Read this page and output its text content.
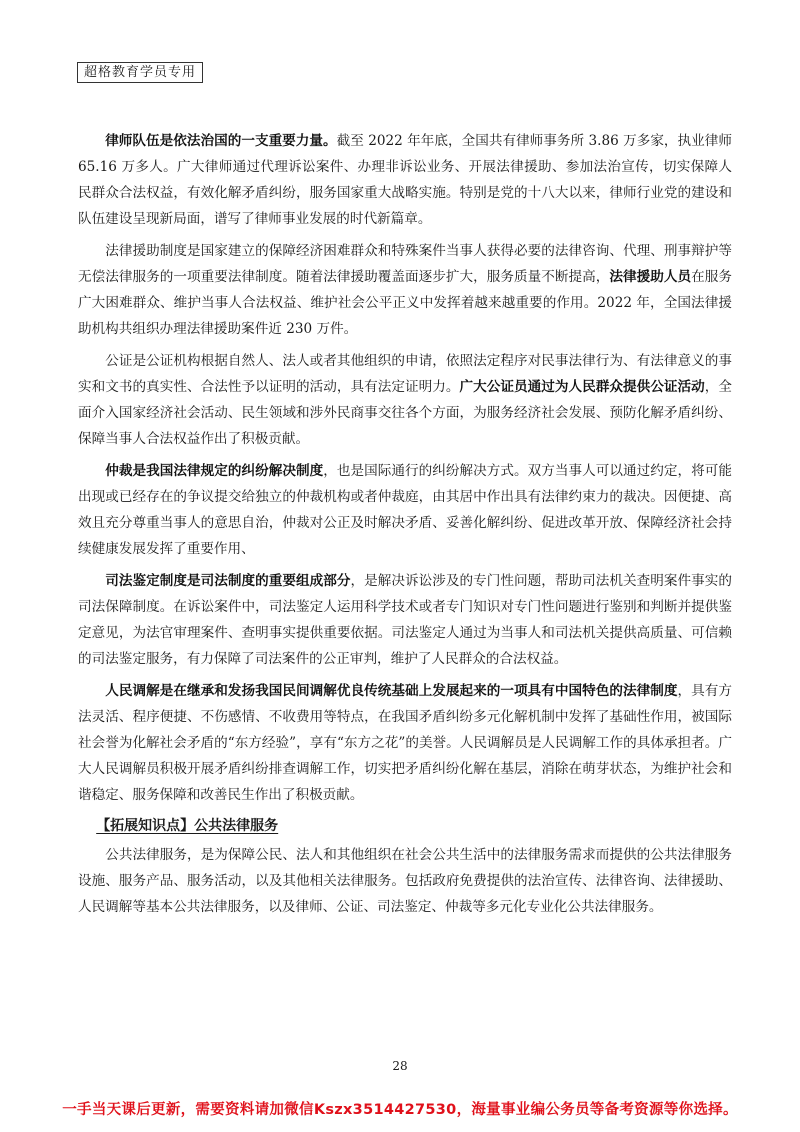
超格教育学员专用

律师队伍是依法治国的一支重要力量。截至 2022 年年底，全国共有律师事务所 3.86 万多家，执业律师 65.16 万多人。广大律师通过代理诉讼案件、办理非诉讼业务、开展法律援助、参加法治宣传，切实保障人民群众合法权益，有效化解矛盾纠纷，服务国家重大战略实施。特别是党的十八大以来，律师行业党的建设和队伍建设呈现新局面，谱写了律师事业发展的时代新篇章。

法律援助制度是国家建立的保障经济困难群众和特殊案件当事人获得必要的法律咨询、代理、刑事辩护等无偿法律服务的一项重要法律制度。随着法律援助覆盖面逐步扩大，服务质量不断提高，法律援助人员在服务广大困难群众、维护当事人合法权益、维护社会公平正义中发挥着越来越重要的作用。2022 年，全国法律援助机构共组织办理法律援助案件近 230 万件。

公证是公证机构根据自然人、法人或者其他组织的申请，依照法定程序对民事法律行为、有法律意义的事实和文书的真实性、合法性予以证明的活动，具有法定证明力。广大公证员通过为人民群众提供公证活动，全面介入国家经济社会活动、民生领域和涉外民商事交往各个方面，为服务经济社会发展、预防化解矛盾纠纷、保障当事人合法权益作出了积极贡献。

仲裁是我国法律规定的纠纷解决制度，也是国际通行的纠纷解决方式。双方当事人可以通过约定，将可能出现或已经存在的争议提交给独立的仲裁机构或者仲裁庭，由其居中作出具有法律约束力的裁决。因便捷、高效且充分尊重当事人的意思自治，仲裁对公正及时解决矛盾、妥善化解纠纷、促进改革开放、保障经济社会持续健康发展发挥了重要作用、

司法鉴定制度是司法制度的重要组成部分，是解决诉讼涉及的专门性问题，帮助司法机关查明案件事实的司法保障制度。在诉讼案件中，司法鉴定人运用科学技术或者专门知识对专门性问题进行鉴别和判断并提供鉴定意见，为法官审理案件、查明事实提供重要依据。司法鉴定人通过为当事人和司法机关提供高质量、可信赖的司法鉴定服务，有力保障了司法案件的公正审判，维护了人民群众的合法权益。

人民调解是在继承和发扬我国民间调解优良传统基础上发展起来的一项具有中国特色的法律制度，具有方法灵活、程序便捷、不伤感情、不收费用等特点，在我国矛盾纠纷多元化解机制中发挥了基础性作用，被国际社会誉为化解社会矛盾的“东方经验”，享有“东方之花”的美誉。人民调解员是人民调解工作的具体承担者。广大人民调解员积极开展矛盾纠纷排查调解工作，切实把矛盾纠纷化解在基层，消除在萌芽状态，为维护社会和谐稳定、服务保障和改善民生作出了积极贡献。

【拓展知识点】公共法律服务

公共法律服务，是为保障公民、法人和其他组织在社会公共生活中的法律服务需求而提供的公共法律服务设施、服务产品、服务活动，以及其他相关法律服务。包括政府免费提供的法治宣传、法律咨询、法律援助、人民调解等基本公共法律服务，以及律师、公证、司法鉴定、仲裁等多元化专业化公共法律服务。

28
一手当天课后更新，需要资料请加微信Kszx3514427530，海量事业编公务员等备考资源等你选择。
